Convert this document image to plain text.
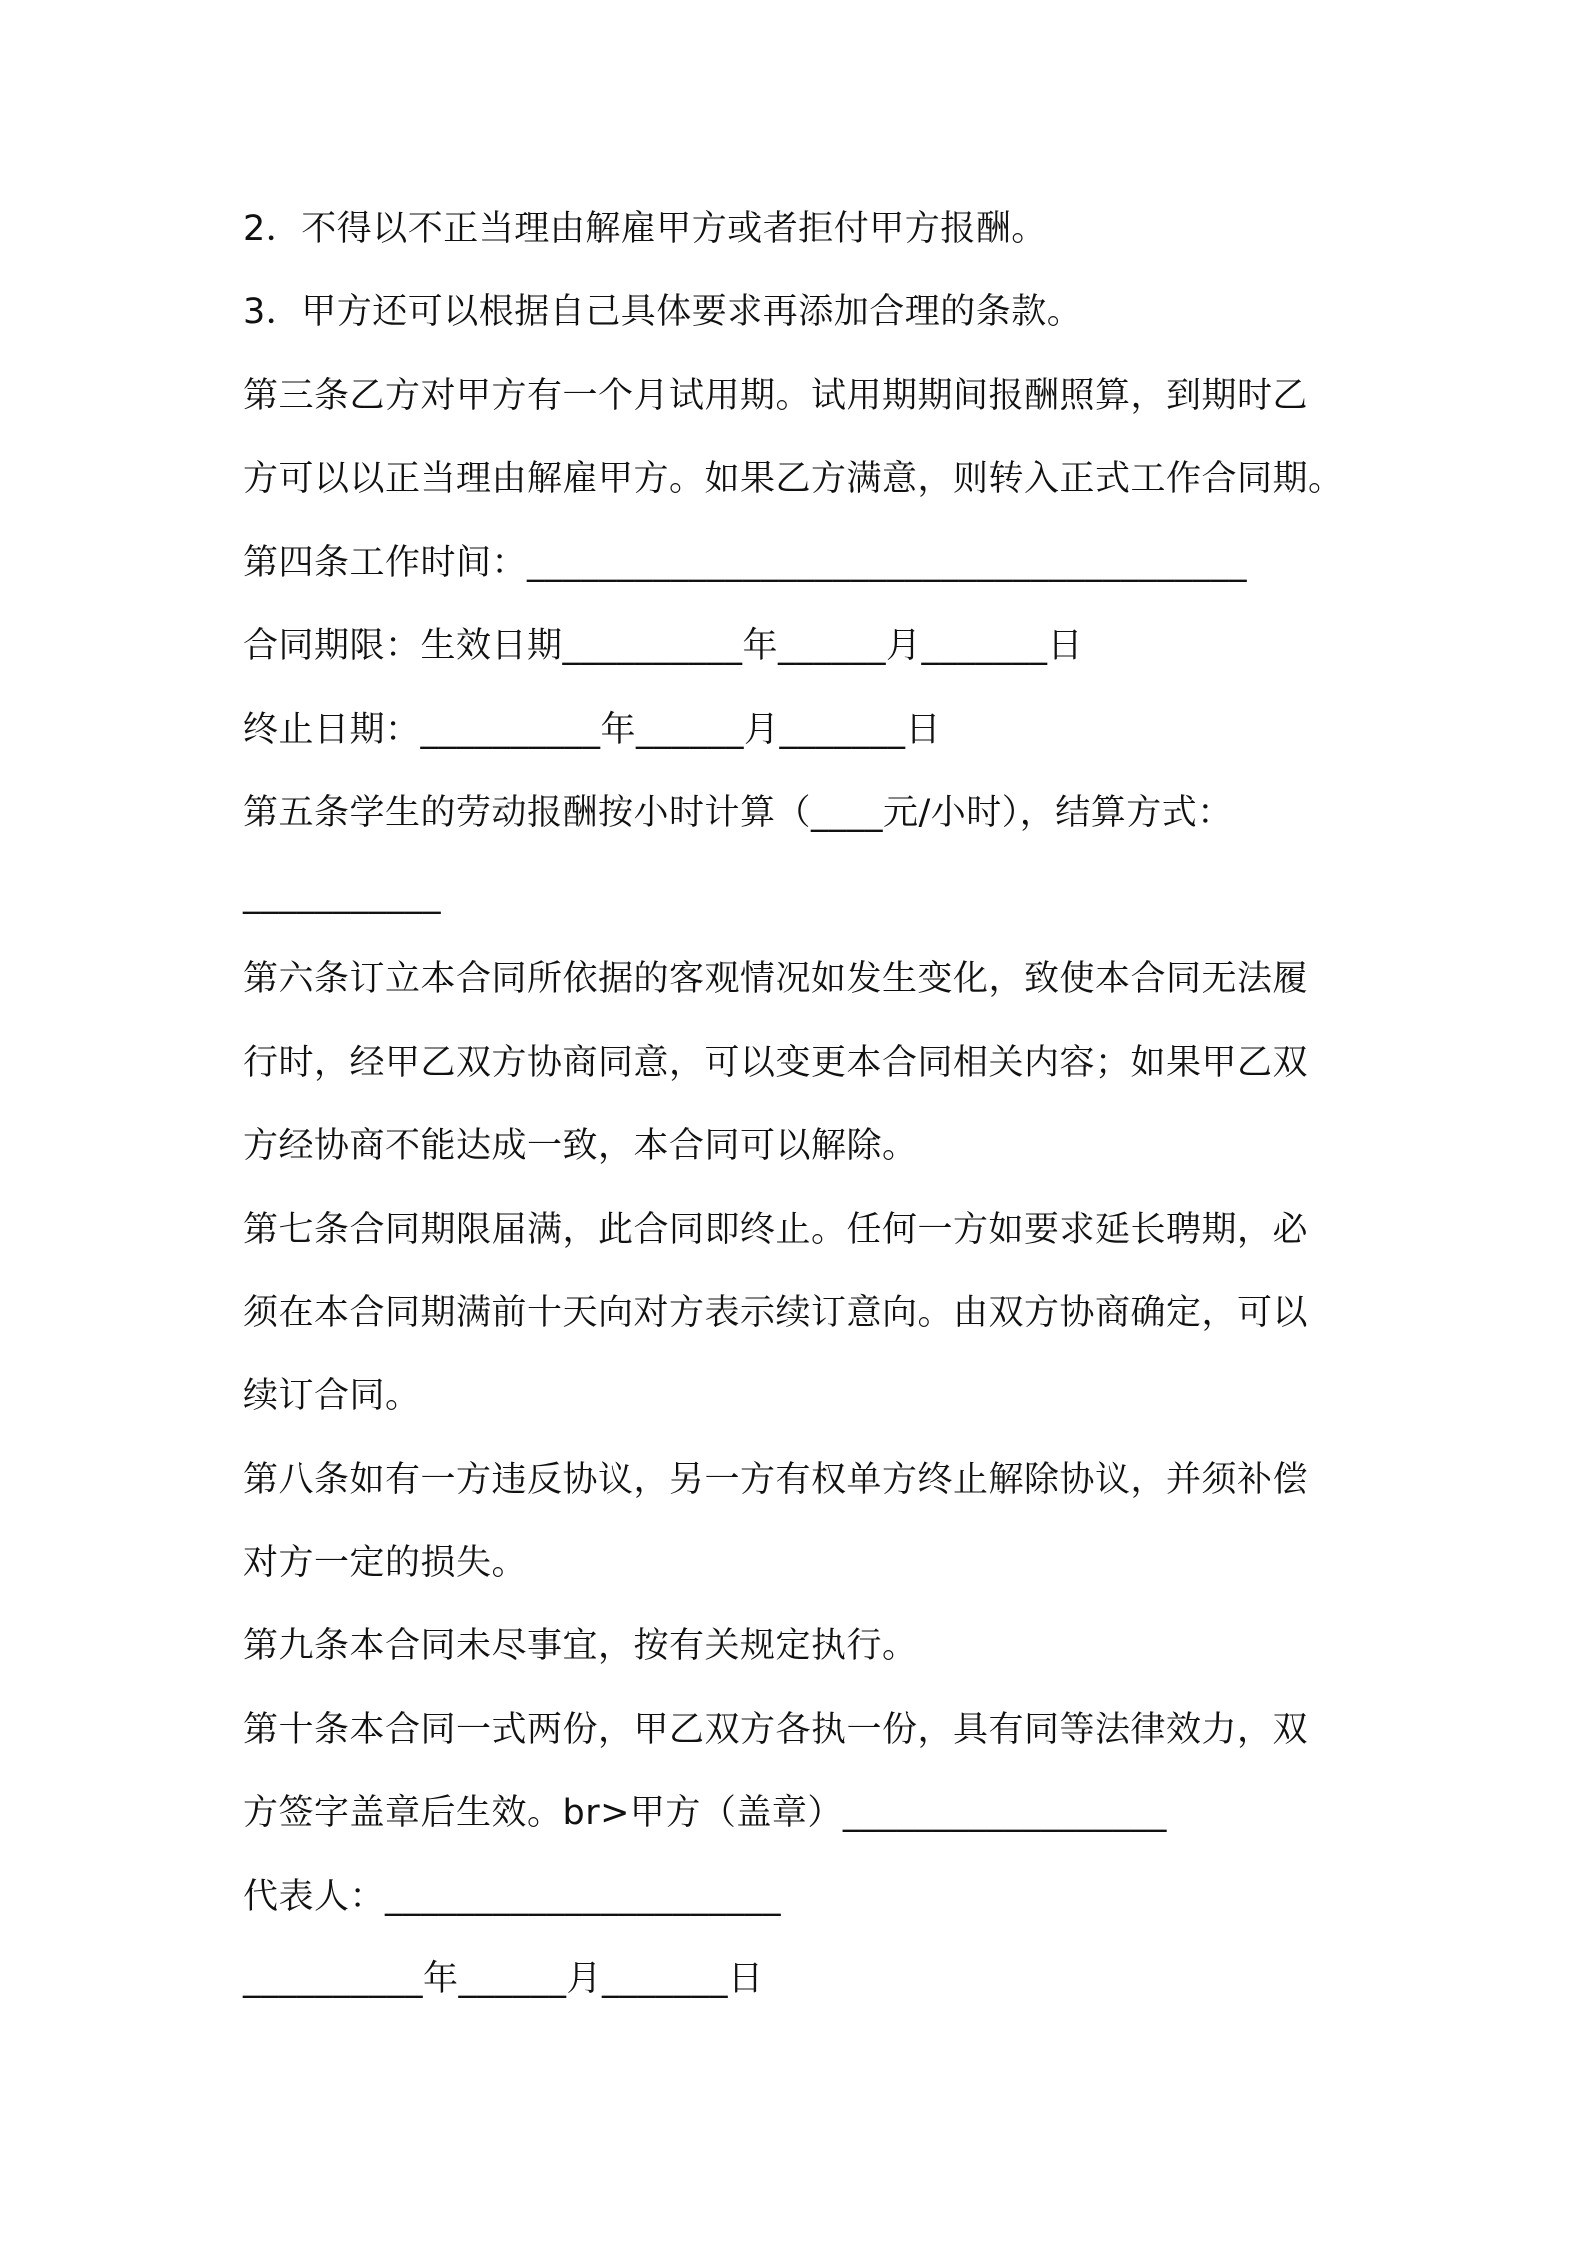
2．不得以不正当理由解雇甲方或者拒付甲方报酬。
3．甲方还可以根据自己具体要求再添加合理的条款。
第三条乙方对甲方有一个月试用期。试用期期间报酬照算，到期时乙
方可以以正当理由解雇甲方。如果乙方满意，则转入正式工作合同期。
第四条工作时间：________________________________________
合同期限：生效日期__________年______月_______日
终止日期：__________年______月_______日
第五条学生的劳动报酬按小时计算（____元/小时），结算方式：
___________
第六条订立本合同所依据的客观情况如发生变化，致使本合同无法履
行时，经甲乙双方协商同意，可以变更本合同相关内容；如果甲乙双
方经协商不能达成一致，本合同可以解除。
第七条合同期限届满，此合同即终止。任何一方如要求延长聘期，必
须在本合同期满前十天向对方表示续订意向。由双方协商确定，可以
续订合同。
第八条如有一方违反协议，另一方有权单方终止解除协议，并须补偿
对方一定的损失。
第九条本合同未尽事宜，按有关规定执行。
第十条本合同一式两份，甲乙双方各执一份，具有同等法律效力，双
方签字盖章后生效。br>甲方（盖章）__________________
代表人：______________________
__________年______月_______日
